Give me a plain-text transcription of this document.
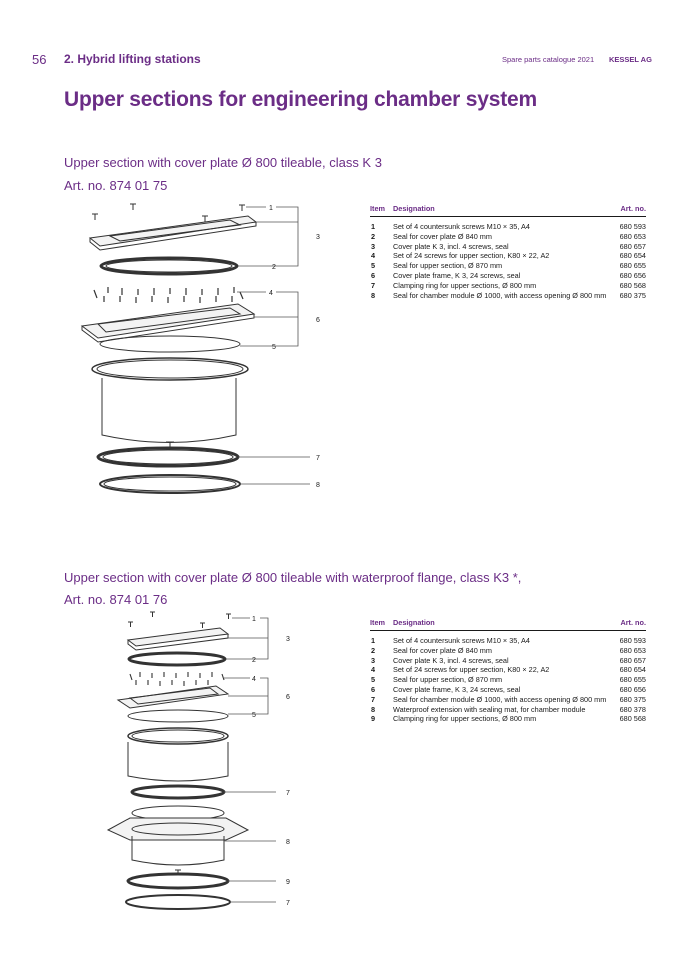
56 2. Hybrid lifting stations	Spare parts catalogue 2021 KESSEL AG
Upper sections for engineering chamber system
Upper section with cover plate Ø 800 tileable, class K 3
Art. no. 874 01 75
1
2
3
4
5
6
7
8
Item	Designation	Art. no.
1	Set of 4 countersunk screws M10 × 35, A4	680 593
2	Seal for cover plate Ø 840 mm	680 653
3	Cover plate K 3, incl. 4 screws, seal	680 657
4	Set of 24 screws for upper section, K80 × 22, A2	680 654
5	Seal for upper section, Ø 870 mm	680 655
6	Cover plate frame, K 3, 24 screws, seal	680 656
7	Clamping ring for upper sections, Ø 800 mm	680 568
8	Seal for chamber module Ø 1000, with access opening Ø 800 mm	680 375
Upper section with cover plate Ø 800 tileable with waterproof flange, class K3 *,
Art. no. 874 01 76
1
2
3
4
5
6
7
8
9
7
Item	Designation	Art. no.
1	Set of 4 countersunk screws M10 × 35, A4	680 593
2	Seal for cover plate Ø 840 mm	680 653
3	Cover plate K 3, incl. 4 screws, seal	680 657
4	Set of 24 screws for upper section, K80 × 22, A2	680 654
5	Seal for upper section, Ø 870 mm	680 655
6	Cover plate frame, K 3, 24 screws, seal	680 656
7	Seal for chamber module Ø 1000, with access opening Ø 800 mm	680 375
8	Waterproof extension with sealing mat, for chamber module	680 378
9	Clamping ring for upper sections, Ø 800 mm	680 568
